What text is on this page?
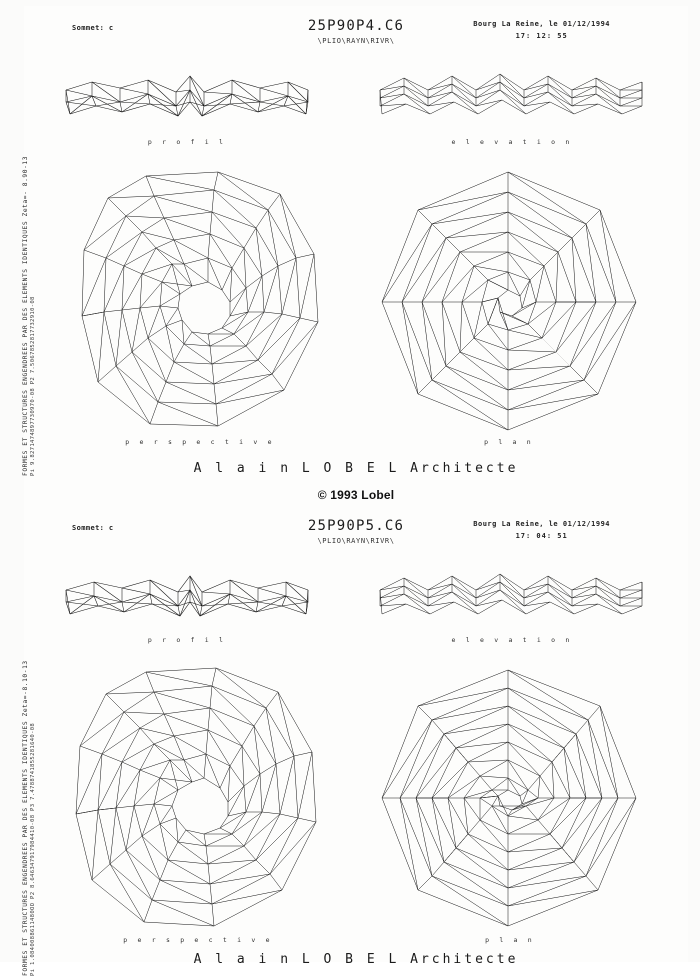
FORMES ET STRUCTURES ENGENDREES PAR DES ELEMENTS IDENTIQUES Zeta=- 8.90-13 Pi 9.8271474897730970-08 P2 7.5067852817732910-08
Sommet: c	25P90P4.C6
\PLIO\RAYN\RIVR\
Bourg La Reine, le 01/12/1994
17: 12: 55
p r o f i l	e l e v a t i o n
p e r s p e c t i v e	p l a n
A l a i n L O B E L Architecte
© 1993 Lobel
FORMES ET STRUCTURES ENGENDREES PAR DES ELEMENTS IDENTIQUES Zeta=-8.10-13 Pi 1.0840088611480OO P2 8.646347917984410-08 P3 7.4788741855281640-08
Sommet: c	25P90P5.C6
\PLIO\RAYN\RIVR\
Bourg La Reine, le 01/12/1994
17: 04: 51
p r o f i l	e l e v a t i o n
p e r s p e c t i v e	p l a n
A l a i n L O B E L Architecte
